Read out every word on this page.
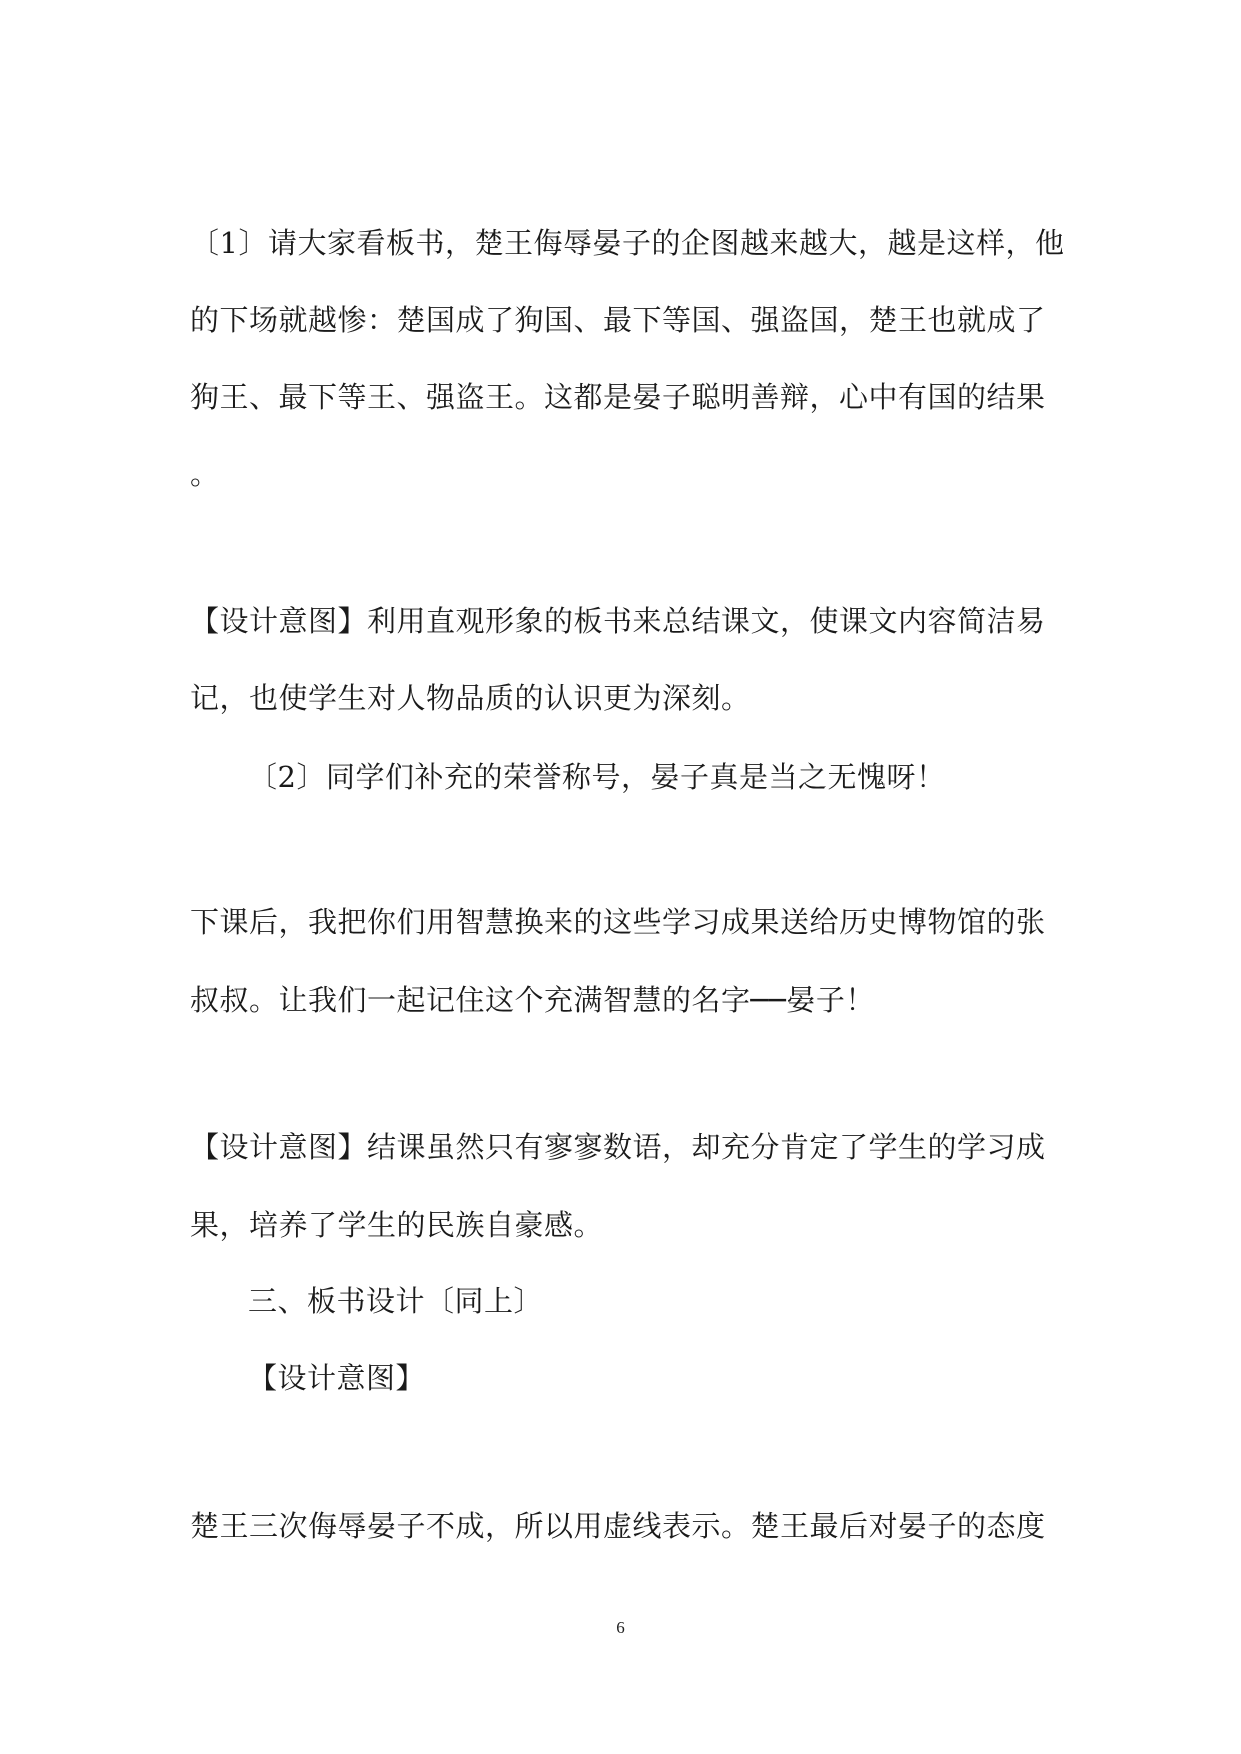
〔1〕请大家看板书，楚王侮辱晏子的企图越来越大，越是这样，他
的下场就越惨：楚国成了狗国、最下等国、强盗国，楚王也就成了
狗王、最下等王、强盗王。这都是晏子聪明善辩，心中有国的结果
。
【设计意图】利用直观形象的板书来总结课文，使课文内容简洁易
记，也使学生对人物品质的认识更为深刻。
〔2〕同学们补充的荣誉称号，晏子真是当之无愧呀！
下课后，我把你们用智慧换来的这些学习成果送给历史博物馆的张
叔叔。让我们一起记住这个充满智慧的名字──晏子！
【设计意图】结课虽然只有寥寥数语，却充分肯定了学生的学习成
果，培养了学生的民族自豪感。
三、板书设计〔同上〕
【设计意图】
楚王三次侮辱晏子不成，所以用虚线表示。楚王最后对晏子的态度
6
